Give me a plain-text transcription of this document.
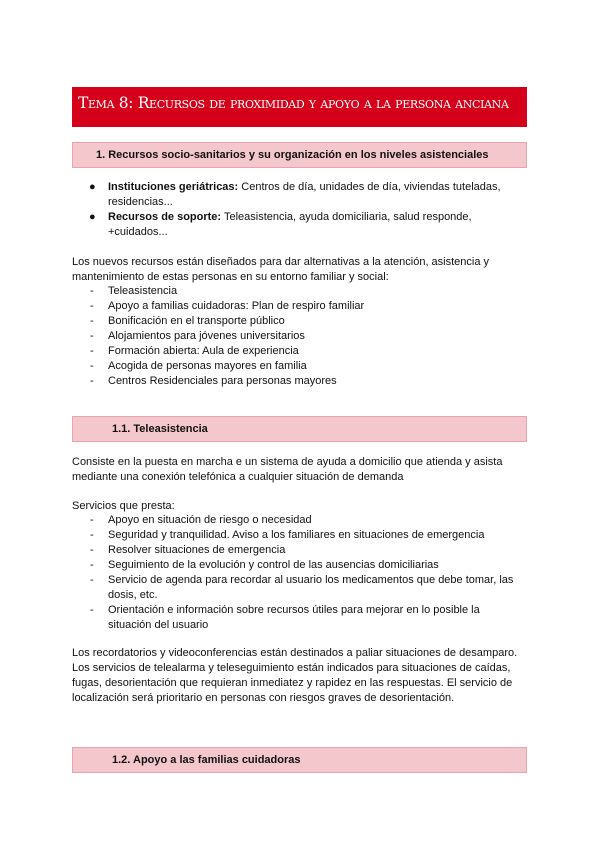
Tema 8: Recursos de proximidad y apoyo a la persona anciana
1. Recursos socio-sanitarios y su organización en los niveles asistenciales
● Instituciones geriátricas: Centros de día, unidades de día, viviendas tuteladas,
residencias...
● Recursos de soporte: Teleasistencia, ayuda domiciliaria, salud responde,
+cuidados...
Los nuevos recursos están diseñados para dar alternativas a la atención, asistencia y
mantenimiento de estas personas en su entorno familiar y social:
- Teleasistencia
- Apoyo a familias cuidadoras: Plan de respiro familiar
- Bonificación en el transporte público
- Alojamientos para jóvenes universitarios
- Formación abierta: Aula de experiencia
- Acogida de personas mayores en familia
- Centros Residenciales para personas mayores
1.1. Teleasistencia
Consiste en la puesta en marcha e un sistema de ayuda a domicilio que atienda y asista
mediante una conexión telefónica a cualquier situación de demanda
Servicios que presta:
- Apoyo en situación de riesgo o necesidad
- Seguridad y tranquilidad. Aviso a los familiares en situaciones de emergencia
- Resolver situaciones de emergencia
- Seguimiento de la evolución y control de las ausencias domiciliarias
- Servicio de agenda para recordar al usuario los medicamentos que debe tomar, las
dosis, etc.
- Orientación e información sobre recursos útiles para mejorar en lo posible la
situación del usuario
Los recordatorios y videoconferencias están destinados a paliar situaciones de desamparo.
Los servicios de telealarma y teleseguimiento están indicados para situaciones de caídas,
fugas, desorientación que requieran inmediatez y rapidez en las respuestas. El servicio de
localización será prioritario en personas con riesgos graves de desorientación.
1.2. Apoyo a las familias cuidadoras
